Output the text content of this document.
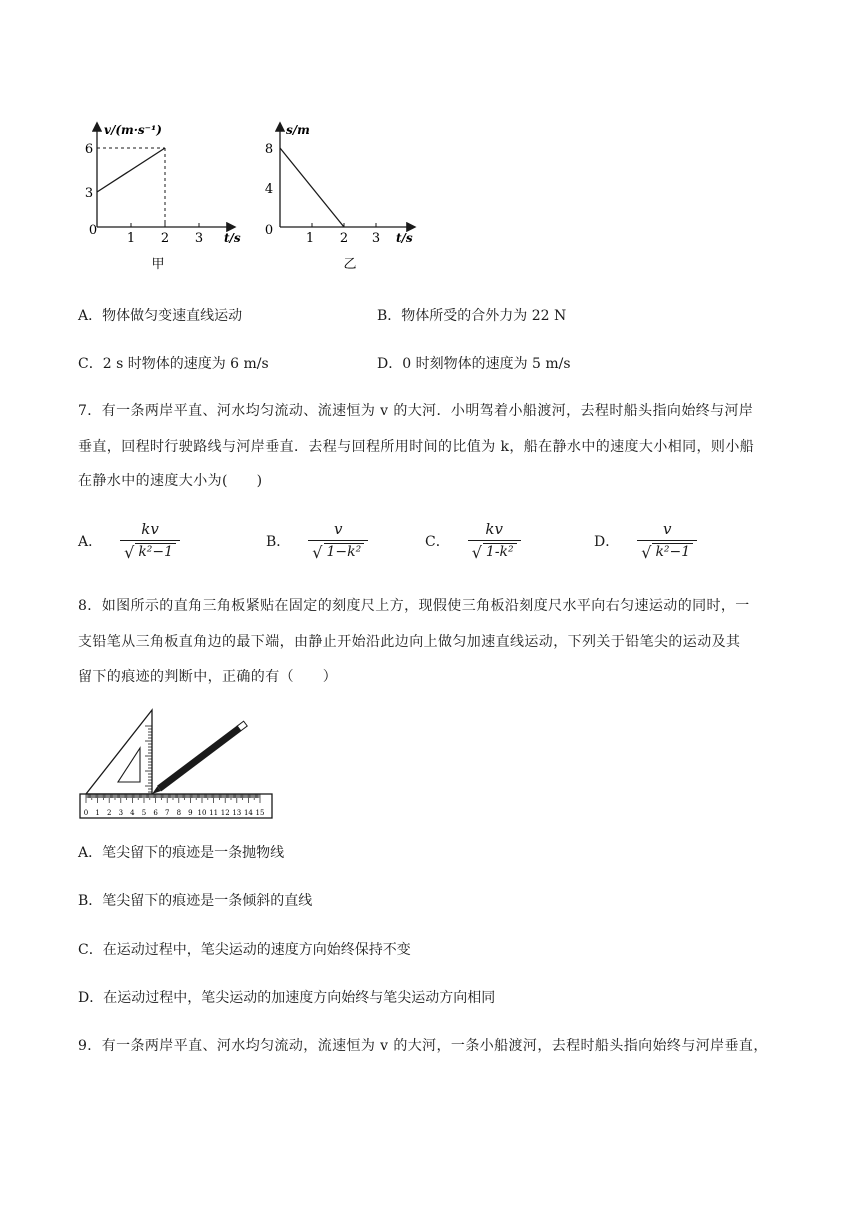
v/(m·s⁻¹)
6
3
0
1 2 3 t/s
甲
s/m
8
4
0
1 2 3 t/s
乙
A．物体做匀变速直线运动	B．物体所受的合外力为 22 N
C．2 s 时物体的速度为 6 m/s	D．0 时刻物体的速度为 5 m/s
7．有一条两岸平直、河水均匀流动、流速恒为 v 的大河．小明驾着小船渡河，去程时船头指向始终与河岸
垂直，回程时行驶路线与河岸垂直．去程与回程所用时间的比值为 k，船在静水中的速度大小相同，则小船
在静水中的速度大小为(　　)
A． $\frac{kv}{\text{√ k²−1}}$	B． $\frac{v}{\text{√ 1−k²}}$	C． $\frac{kv}{\text{√ 1-k²}}$	D． $\frac{v}{\text{√ k²−1}}$
8．如图所示的直角三角板紧贴在固定的刻度尺上方，现假使三角板沿刻度尺水平向右匀速运动的同时，一
支铅笔从三角板直角边的最下端，由静止开始沿此边向上做匀加速直线运动，下列关于铅笔尖的运动及其
留下的痕迹的判断中，正确的有（　　）
0 1 2 3 4 5 6 7 8 9 10 11 12 13 14 15
A．笔尖留下的痕迹是一条抛物线
B．笔尖留下的痕迹是一条倾斜的直线
C．在运动过程中，笔尖运动的速度方向始终保持不变
D．在运动过程中，笔尖运动的加速度方向始终与笔尖运动方向相同
9．有一条两岸平直、河水均匀流动，流速恒为 v 的大河，一条小船渡河，去程时船头指向始终与河岸垂直，
